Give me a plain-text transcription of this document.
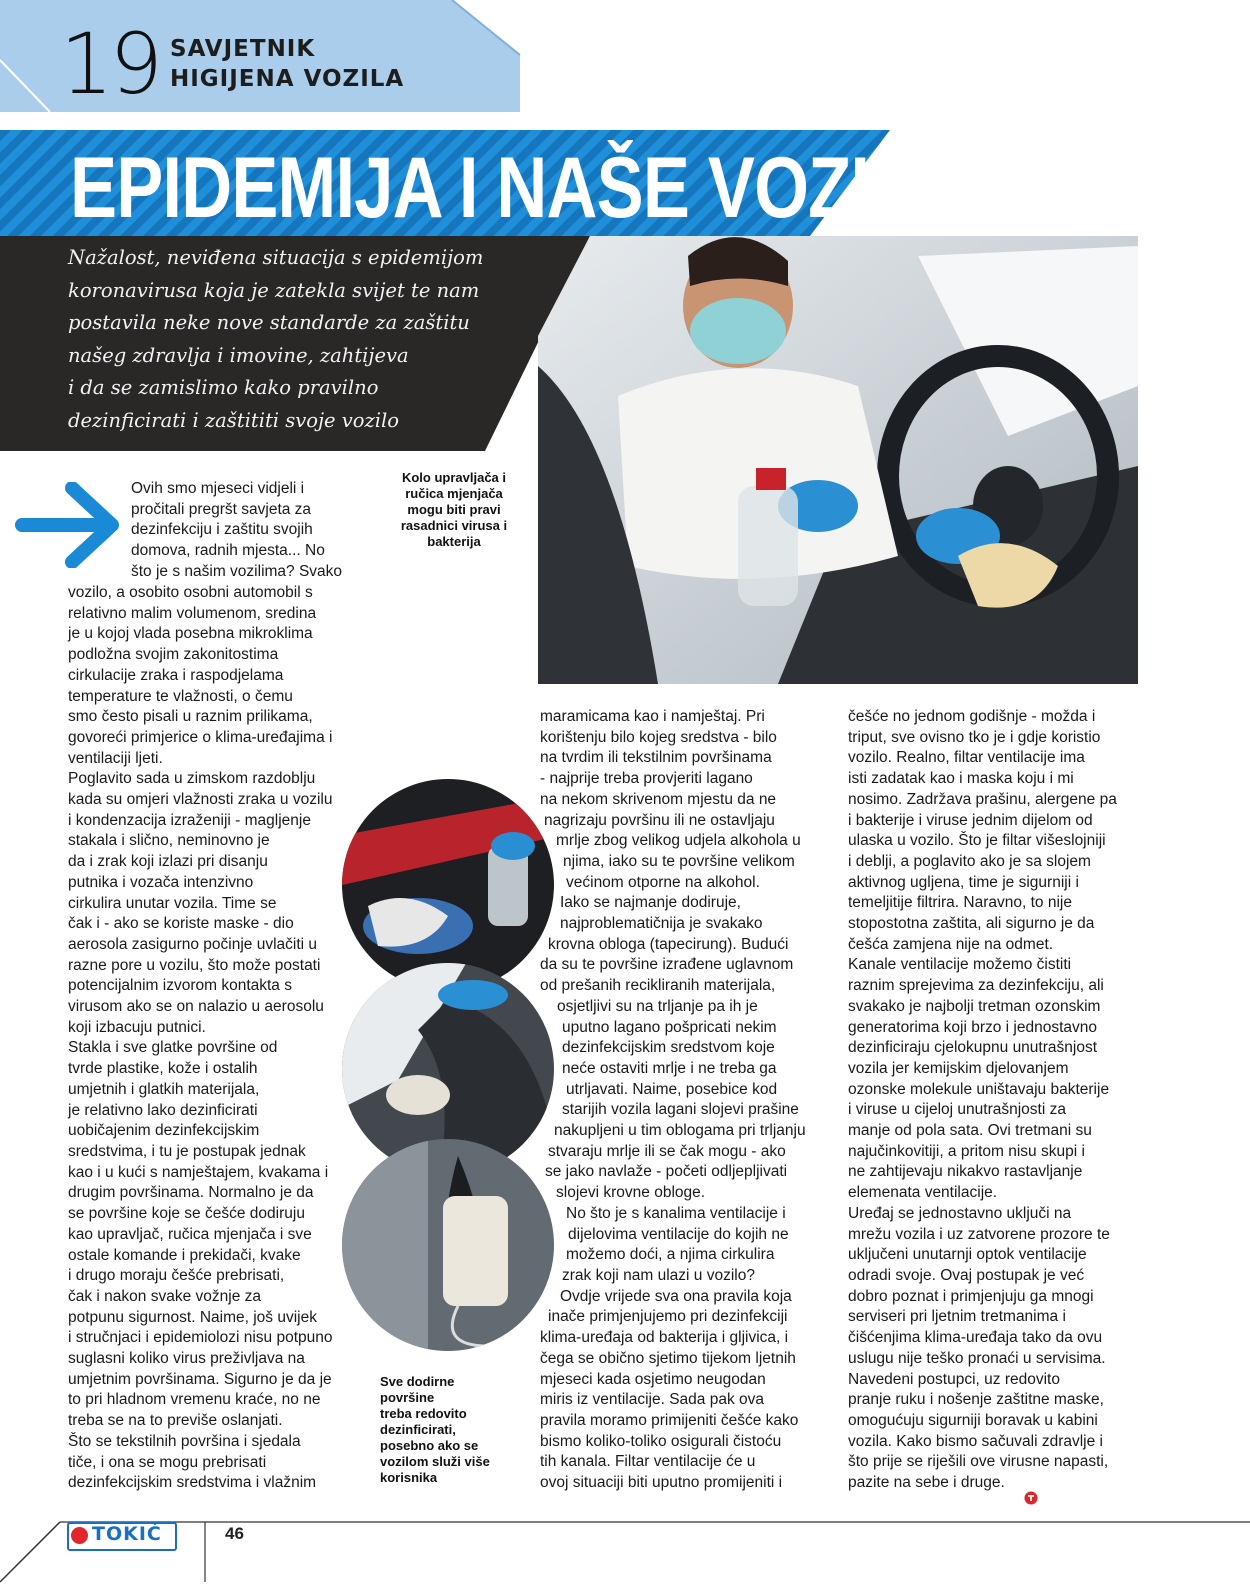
19 SAVJETNIK
HIGIJENA VOZILA
EPIDEMIJA I NAŠE VOZILO
Nažalost, neviđena situacija s epidemijom
koronavirusa koja je zatekla svijet te nam
postavila neke nove standarde za zaštitu
našeg zdravlja i imovine, zahtijeva
i da se zamislimo kako pravilno
dezinficirati i zaštititi svoje vozilo
Kolo upravljača i
ručica mjenjača
mogu biti pravi
rasadnici virusa i
bakterija
Sve dodirne
površine
treba redovito
dezinficirati,
posebno ako se
vozilom služi više
korisnika
Ovih smo mjeseci vidjeli i
pročitali pregršt savjeta za
dezinfekciju i zaštitu svojih
domova, radnih mjesta... No
što je s našim vozilima? Svako
vozilo, a osobito osobni automobil s
relativno malim volumenom, sredina
je u kojoj vlada posebna mikroklima
podložna svojim zakonitostima
cirkulacije zraka i raspodjelama
temperature te vlažnosti, o čemu
smo često pisali u raznim prilikama,
govoreći primjerice o klima-uređajima i
ventilaciji ljeti.
Poglavito sada u zimskom razdoblju
kada su omjeri vlažnosti zraka u vozilu
i kondenzacija izraženiji - magljenje
stakala i slično, neminovno je
da i zrak koji izlazi pri disanju
putnika i vozača intenzivno
cirkulira unutar vozila. Time se
čak i - ako se koriste maske - dio
aerosola zasigurno počinje uvlačiti u
razne pore u vozilu, što može postati
potencijalnim izvorom kontakta s
virusom ako se on nalazio u aerosolu
koji izbacuju putnici.
Stakla i sve glatke površine od
tvrde plastike, kože i ostalih
umjetnih i glatkih materijala,
je relativno lako dezinficirati
uobičajenim dezinfekcijskim
sredstvima, i tu je postupak jednak
kao i u kući s namještajem, kvakama i
drugim površinama. Normalno je da
se površine koje se češće dodiruju
kao upravljač, ručica mjenjača i sve
ostale komande i prekidači, kvake
i drugo moraju češće prebrisati,
čak i nakon svake vožnje za
potpunu sigurnost. Naime, još uvijek
i stručnjaci i epidemiolozi nisu potpuno
suglasni koliko virus preživljava na
umjetnim površinama. Sigurno je da je
to pri hladnom vremenu kraće, no ne
treba se na to previše oslanjati.
Što se tekstilnih površina i sjedala
tiče, i ona se mogu prebrisati
dezinfekcijskim sredstvima i vlažnim
maramicama kao i namještaj. Pri
korištenju bilo kojeg sredstva - bilo
na tvrdim ili tekstilnim površinama
- najprije treba provjeriti lagano
na nekom skrivenom mjestu da ne
nagrizaju površinu ili ne ostavljaju
mrlje zbog velikog udjela alkohola u
njima, iako su te površine velikom
većinom otporne na alkohol.
Iako se najmanje dodiruje,
najproblematičnija je svakako
krovna obloga (tapecirung). Budući
da su te površine izrađene uglavnom
od prešanih recikliranih materijala,
osjetljivi su na trljanje pa ih je
uputno lagano pošpricati nekim
dezinfekcijskim sredstvom koje
neće ostaviti mrlje i ne treba ga
utrljavati. Naime, posebice kod
starijih vozila lagani slojevi prašine
nakupljeni u tim oblogama pri trljanju
stvaraju mrlje ili se čak mogu - ako
se jako navlaže - početi odljepljivati
slojevi krovne obloge.
No što je s kanalima ventilacije i
dijelovima ventilacije do kojih ne
možemo doći, a njima cirkulira
zrak koji nam ulazi u vozilo?
Ovdje vrijede sva ona pravila koja
inače primjenjujemo pri dezinfekciji
klima-uređaja od bakterija i gljivica, i
čega se obično sjetimo tijekom ljetnih
mjeseci kada osjetimo neugodan
miris iz ventilacije. Sada pak ova
pravila moramo primijeniti češće kako
bismo koliko-toliko osigurali čistoću
tih kanala. Filtar ventilacije će u
ovoj situaciji biti uputno promijeniti i
češće no jednom godišnje - možda i
triput, sve ovisno tko je i gdje koristio
vozilo. Realno, filtar ventilacije ima
isti zadatak kao i maska koju i mi
nosimo. Zadržava prašinu, alergene pa
i bakterije i viruse jednim dijelom od
ulaska u vozilo. Što je filtar višeslojniji
i deblji, a poglavito ako je sa slojem
aktivnog ugljena, time je sigurniji i
temeljitije filtrira. Naravno, to nije
stopostotna zaštita, ali sigurno je da
češća zamjena nije na odmet.
Kanale ventilacije možemo čistiti
raznim sprejevima za dezinfekciju, ali
svakako je najbolji tretman ozonskim
generatorima koji brzo i jednostavno
dezinficiraju cjelokupnu unutrašnjost
vozila jer kemijskim djelovanjem
ozonske molekule uništavaju bakterije
i viruse u cijeloj unutrašnjosti za
manje od pola sata. Ovi tretmani su
najučinkovitiji, a pritom nisu skupi i
ne zahtijevaju nikakvo rastavljanje
elemenata ventilacije.
Uređaj se jednostavno uključi na
mrežu vozila i uz zatvorene prozore te
uključeni unutarnji optok ventilacije
odradi svoje. Ovaj postupak je već
dobro poznat i primjenjuju ga mnogi
serviseri pri ljetnim tretmanima i
čišćenjima klima-uređaja tako da ovu
uslugu nije teško pronaći u servisima.
Navedeni postupci, uz redovito
pranje ruku i nošenje zaštitne maske,
omogućuju sigurniji boravak u kabini
vozila. Kako bismo sačuvali zdravlje i
što prije se riješili ove virusne napasti,
pazite na sebe i druge.
TOKIĆ	46
